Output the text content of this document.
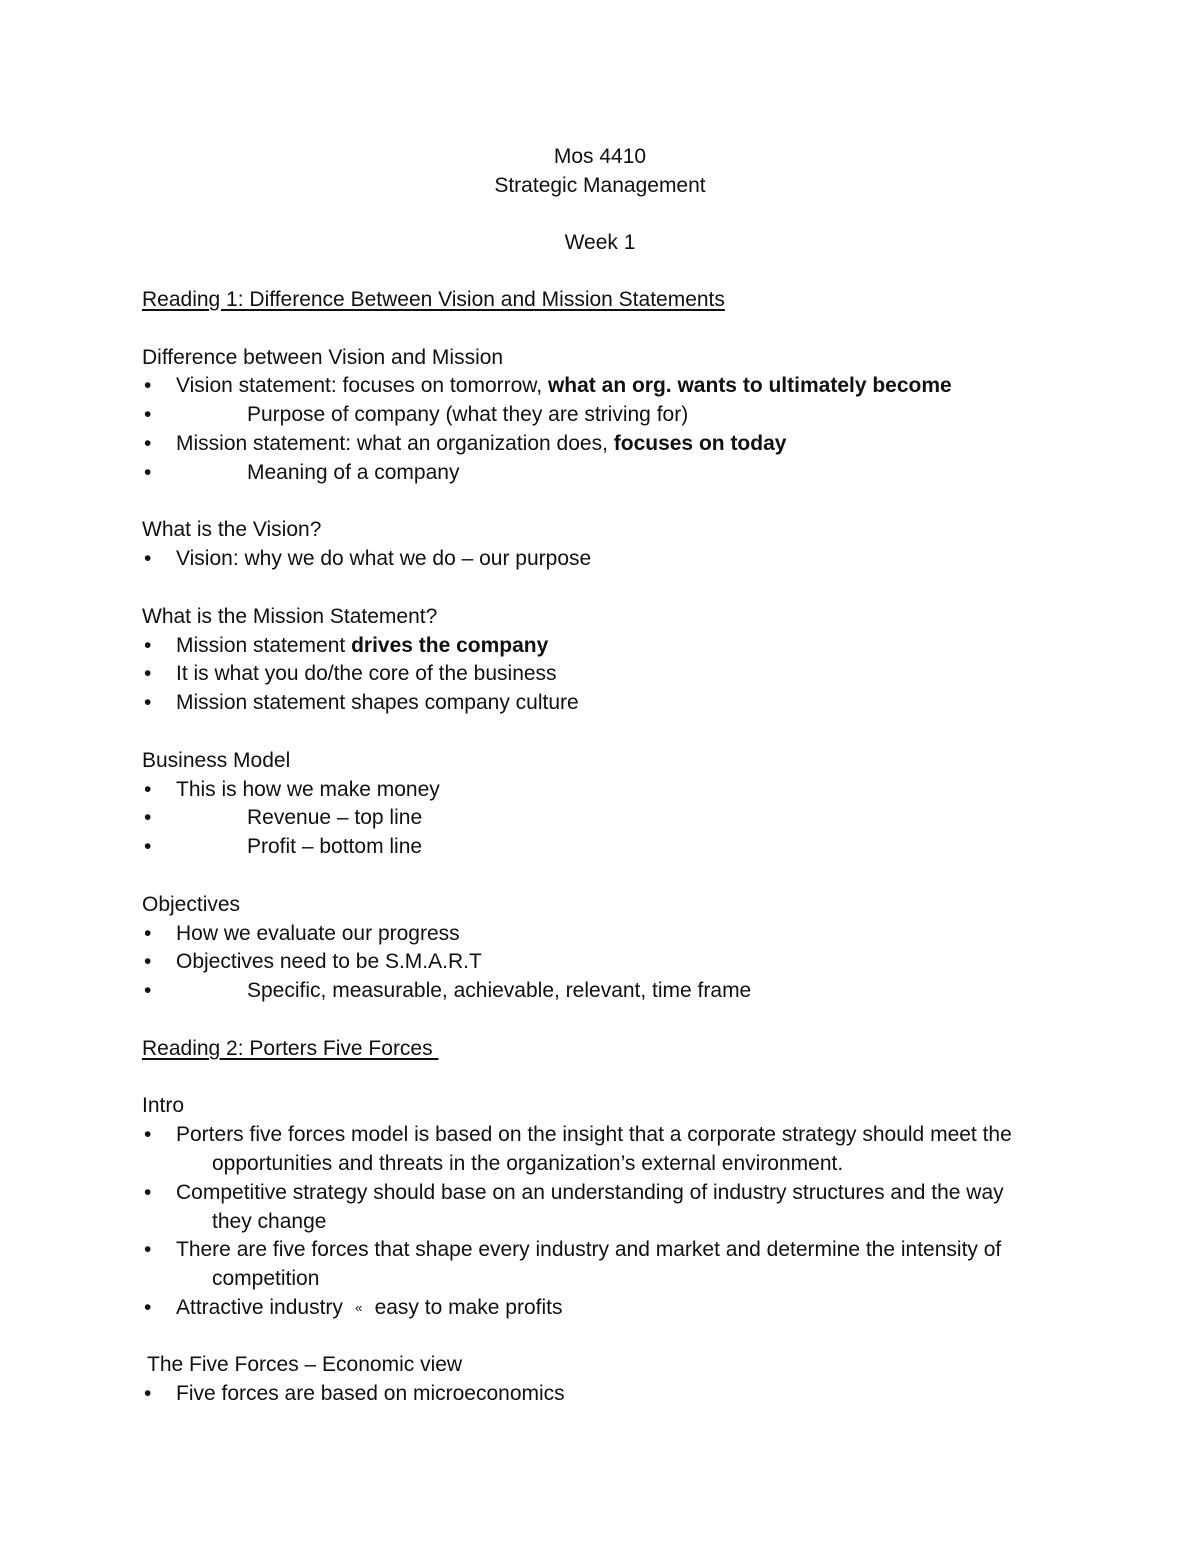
Mos 4410
Strategic Management
Week 1
Reading 1: Difference Between Vision and Mission Statements
Difference between Vision and Mission
• Vision statement: focuses on tomorrow, what an org. wants to ultimately become
• Purpose of company (what they are striving for)
• Mission statement: what an organization does, focuses on today
• Meaning of a company
What is the Vision?
• Vision: why we do what we do – our purpose
What is the Mission Statement?
• Mission statement drives the company
• It is what you do/the core of the business
• Mission statement shapes company culture
Business Model
• This is how we make money
• Revenue – top line
• Profit – bottom line
Objectives
• How we evaluate our progress
• Objectives need to be S.M.A.R.T
• Specific, measurable, achievable, relevant, time frame
Reading 2: Porters Five Forces
Intro
• Porters five forces model is based on the insight that a corporate strategy should meet the
opportunities and threats in the organization’s external environment.
• Competitive strategy should base on an understanding of industry structures and the way
they change
• There are five forces that shape every industry and market and determine the intensity of
competition
• Attractive industry « easy to make profits
The Five Forces – Economic view
• Five forces are based on microeconomics
